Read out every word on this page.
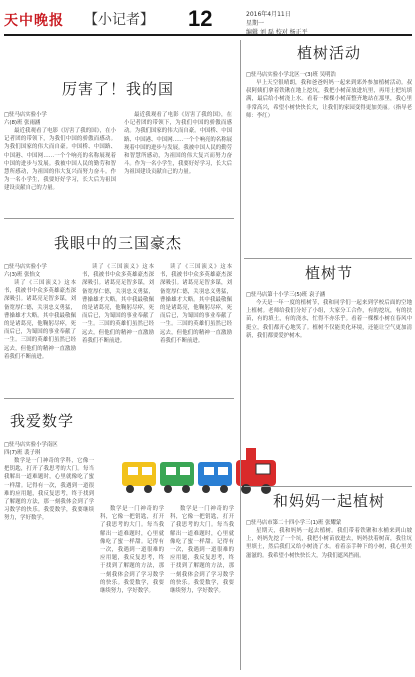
天中晚报 【小记者】 12	2016年4月11日
星期一
编辑 刘 磊 校对 杨正平
厉害了！我的国
□驻马店实验小学
六(8)班 张雨涵
最近我观看了电影《厉害了我的国》，在小记者团的带领下，为我们中国的骄傲而感动。为我们国家的伟大而自豪。中国桥、中国路、中国港、中国网……一个个响亮的名称展现着中国的进步与发展。我被中国人民的勤劳和智慧所感动，为祖国的伟大复兴而努力奋斗。作为一名小学生，我要好好学习，长大后为祖国建设贡献自己的力量。
最近我观看了电影《厉害了我的国》，在小记者团的带领下，为我们中国的骄傲而感动。为我们国家的伟大而自豪。中国桥、中国路、中国港、中国网……一个个响亮的名称展现着中国的进步与发展。我被中国人民的勤劳和智慧所感动，为祖国的伟大复兴而努力奋斗。作为一名小学生，我要好好学习，长大后为祖国建设贡献自己的力量。
我眼中的三国豪杰
□驻马店实验小学
六(3)班 张怡文
读了《三国演义》这本书，我被书中众多英雄豪杰深深吸引。诸葛亮足智多谋，刘备宽厚仁德，关羽忠义勇猛，曹操雄才大略。其中我最敬佩的是诸葛亮，他鞠躬尽瘁，死而后已，为蜀国的事业奉献了一生。三国的英雄们虽然已经远去，但他们的精神一直激励着我们不断前进。
读了《三国演义》这本书，我被书中众多英雄豪杰深深吸引。诸葛亮足智多谋，刘备宽厚仁德，关羽忠义勇猛，曹操雄才大略。其中我最敬佩的是诸葛亮，他鞠躬尽瘁，死而后已，为蜀国的事业奉献了一生。三国的英雄们虽然已经远去，但他们的精神一直激励着我们不断前进。
读了《三国演义》这本书，我被书中众多英雄豪杰深深吸引。诸葛亮足智多谋，刘备宽厚仁德，关羽忠义勇猛，曹操雄才大略。其中我最敬佩的是诸葛亮，他鞠躬尽瘁，死而后已，为蜀国的事业奉献了一生。三国的英雄们虽然已经远去，但他们的精神一直激励着我们不断前进。
我爱数学
□驻马店实验小学南区
四(7)班 裴子琪
数学是一门神奇的学科，它像一把钥匙，打开了我思考的大门。每当我解出一道难题时，心里就像吃了蜜一样甜。记得有一次，我遇到一道很难的应用题，我反复思考，终于找到了解题的方法，那一刻我体会到了学习数学的快乐。我爱数学，我要继续努力，学好数学。
数学是一门神奇的学科，它像一把钥匙，打开了我思考的大门。每当我解出一道难题时，心里就像吃了蜜一样甜。记得有一次，我遇到一道很难的应用题，我反复思考，终于找到了解题的方法，那一刻我体会到了学习数学的快乐。我爱数学，我要继续努力，学好数学。
数学是一门神奇的学科，它像一把钥匙，打开了我思考的大门。每当我解出一道难题时，心里就像吃了蜜一样甜。记得有一次，我遇到一道很难的应用题，我反复思考，终于找到了解题的方法，那一刻我体会到了学习数学的快乐。我爱数学，我要继续努力，学好数学。
植树活动
□驻马店实验小学北区一(3)班 吴明浩
早上天空很晴朗，我和爸爸妈妈一起来到郊外参加植树活动。叔叔阿姨们拿着铁锹在地上挖坑，我把小树苗放进坑里，再用土把坑填满，最后给小树浇上水。看着一棵棵小树苗整齐地站在那里，我心里非常高兴，希望小树快快长大，让我们的家园变得更加美丽。（指导老师：李红）
植树节
□驻马店第十小学三(5)班 袁子涵
今天是一年一度的植树节，我和同学们一起来到学校后面的空地上植树。老师给我们分好了小组，大家分工合作，有的挖坑，有的扶苗，有的填土，有的浇水，忙得不亦乐乎。看着一棵棵小树在春风中挺立，我们都开心地笑了。植树不仅能美化环境，还能让空气更加清新，我们都要爱护树木。
和妈妈一起植树
□驻马店市第二十四小学三(1)班 张耀蒙
星期天，我和妈妈一起去植树。我们带着铁锹和水桶来到山坡上，妈妈先挖了一个坑，我把小树苗放进去，妈妈扶着树苗，我往坑里填土，然后我们又给小树浇了水。看着亲手种下的小树，我心里美滋滋的。我希望小树快快长大，为我们遮风挡雨。
